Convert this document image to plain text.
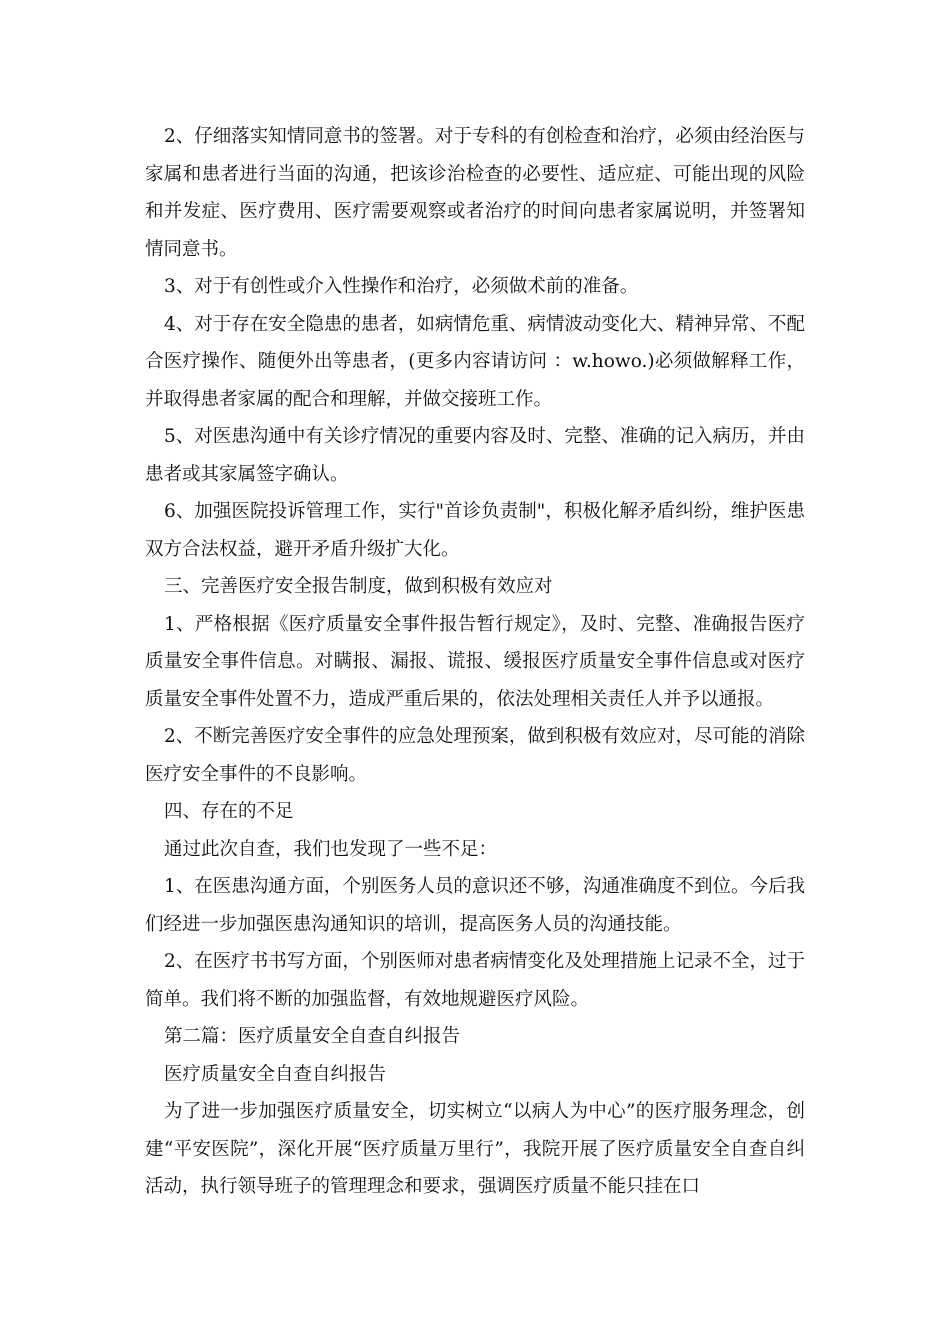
2、仔细落实知情同意书的签署。对于专科的有创检查和治疗，必须由经治医与家属和患者进行当面的沟通，把该诊治检查的必要性、适应症、可能出现的风险和并发症、医疗费用、医疗需要观察或者治疗的时间向患者家属说明，并签署知情同意书。

3、对于有创性或介入性操作和治疗，必须做术前的准备。

4、对于存在安全隐患的患者，如病情危重、病情波动变化大、精神异常、不配合医疗操作、随便外出等患者，(更多内容请访问 ：w.howo.)必须做解释工作，并取得患者家属的配合和理解，并做交接班工作。

5、对医患沟通中有关诊疗情况的重要内容及时、完整、准确的记入病历，并由患者或其家属签字确认。

6、加强医院投诉管理工作，实行"首诊负责制"，积极化解矛盾纠纷，维护医患双方合法权益，避开矛盾升级扩大化。

三、完善医疗安全报告制度，做到积极有效应对

1、严格根据《医疗质量安全事件报告暂行规定》，及时、完整、准确报告医疗质量安全事件信息。对瞒报、漏报、谎报、缓报医疗质量安全事件信息或对医疗质量安全事件处置不力，造成严重后果的，依法处理相关责任人并予以通报。

2、不断完善医疗安全事件的应急处理预案，做到积极有效应对，尽可能的消除医疗安全事件的不良影响。

四、存在的不足

通过此次自查，我们也发现了一些不足：

1、在医患沟通方面，个别医务人员的意识还不够，沟通准确度不到位。今后我们经进一步加强医患沟通知识的培训，提高医务人员的沟通技能。

2、在医疗书书写方面，个别医师对患者病情变化及处理措施上记录不全，过于简单。我们将不断的加强监督，有效地规避医疗风险。

第二篇：医疗质量安全自查自纠报告

医疗质量安全自查自纠报告

为了进一步加强医疗质量安全，切实树立“以病人为中心”的医疗服务理念，创建“平安医院”，深化开展“医疗质量万里行”，我院开展了医疗质量安全自查自纠活动，执行领导班子的管理理念和要求，强调医疗质量不能只挂在口
